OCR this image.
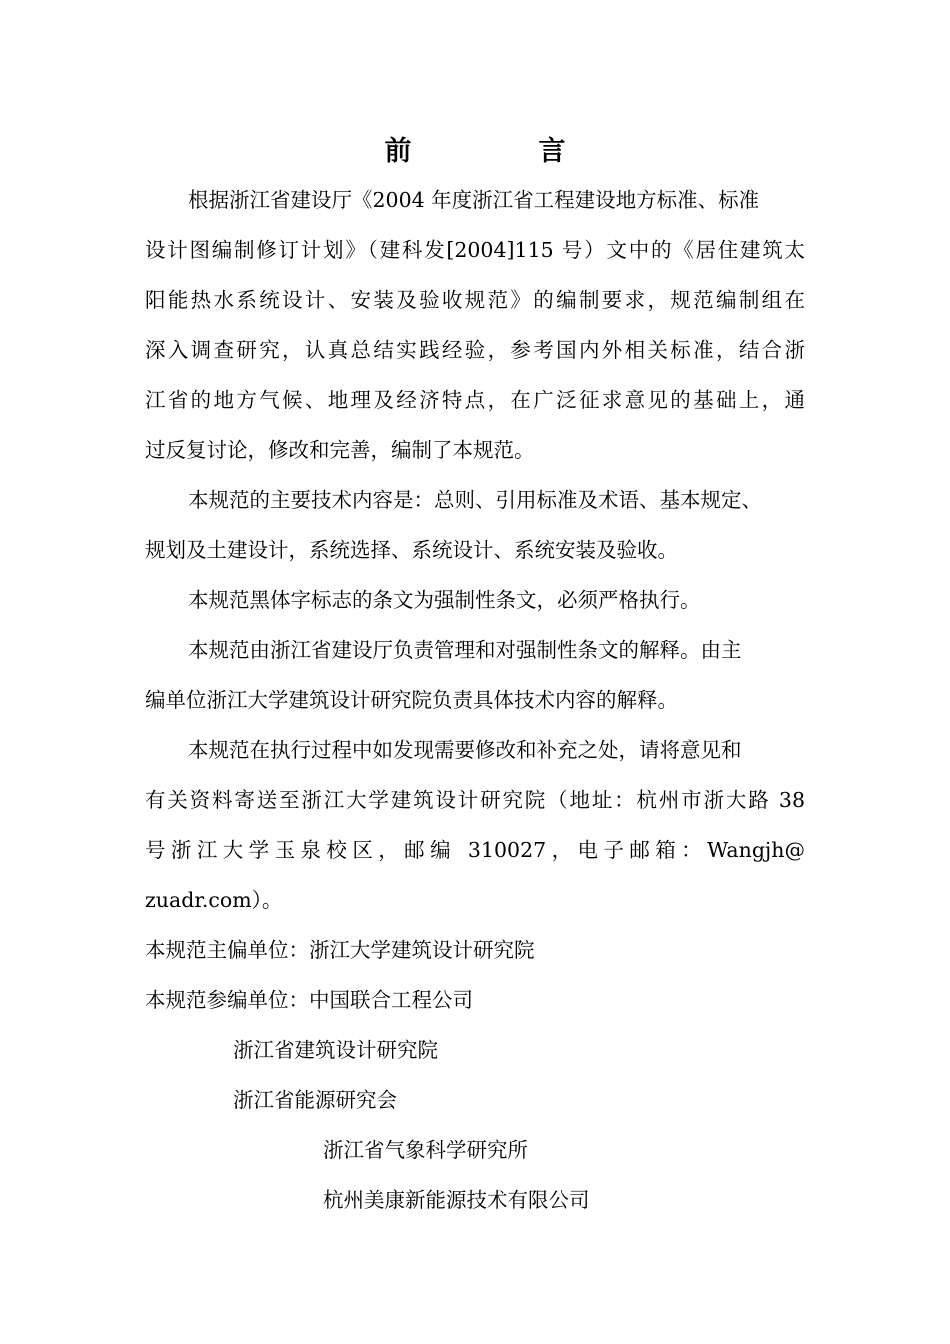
前　言
根据浙江省建设厅《2004 年度浙江省工程建设地方标准、标准
设计图编制修订计划》（建科发[2004]115 号）文中的《居住建筑太
阳能热水系统设计、安装及验收规范》的编制要求，规范编制组在
深入调查研究，认真总结实践经验，参考国内外相关标准，结合浙
江省的地方气候、地理及经济特点，在广泛征求意见的基础上，通
过反复讨论，修改和完善，编制了本规范。
本规范的主要技术内容是：总则、引用标准及术语、基本规定、
规划及土建设计，系统选择、系统设计、系统安装及验收。
本规范黑体字标志的条文为强制性条文，必须严格执行。
本规范由浙江省建设厅负责管理和对强制性条文的解释。由主
编单位浙江大学建筑设计研究院负责具体技术内容的解释。
本规范在执行过程中如发现需要修改和补充之处，请将意见和
有关资料寄送至浙江大学建筑设计研究院（地址：杭州市浙大路 38
号浙江大学玉泉校区，邮编 310027，电子邮箱：Wangjh@
zuadr.com）。
本规范主偏单位：浙江大学建筑设计研究院
本规范参编单位：中国联合工程公司
浙江省建筑设计研究院
浙江省能源研究会
浙江省气象科学研究所
杭州美康新能源技术有限公司
